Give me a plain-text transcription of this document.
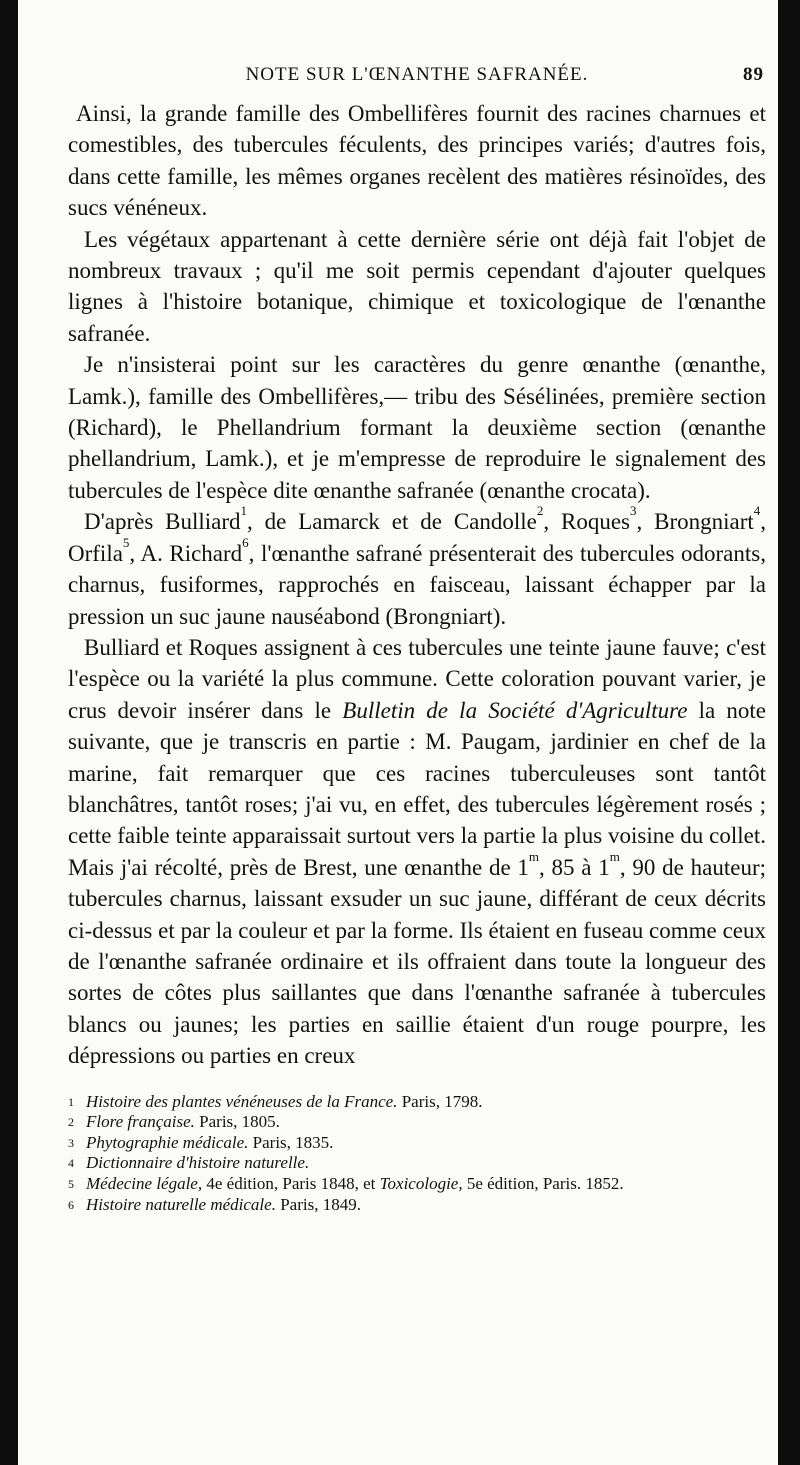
NOTE SUR L'ŒNANTHE SAFRANÉE.	89

Ainsi, la grande famille des Ombellifères fournit des racines charnues et comestibles, des tubercules féculents, des principes variés; d'autres fois, dans cette famille, les mêmes organes recèlent des matières résinoïdes, des sucs vénéneux.

Les végétaux appartenant à cette dernière série ont déjà fait l'objet de nombreux travaux ; qu'il me soit permis cependant d'ajouter quelques lignes à l'histoire botanique, chimique et toxicologique de l'œnanthe safranée.

Je n'insisterai point sur les caractères du genre œnanthe (œnanthe, Lamk.), famille des Ombellifères,— tribu des Sésélinées, première section (Richard), le Phellandrium formant la deuxième section (œnanthe phellandrium, Lamk.), et je m'empresse de reproduire le signalement des tubercules de l'espèce dite œnanthe safranée (œnanthe crocata).

D'après Bulliard$^1$, de Lamarck et de Candolle$^2$, Roques$^3$, Brongniart$^4$, Orfila$^5$, A. Richard$^6$, l'œnanthe safrané présenterait des tubercules odorants, charnus, fusiformes, rapprochés en faisceau, laissant échapper par la pression un suc jaune nauséabond (Brongniart).

Bulliard et Roques assignent à ces tubercules une teinte jaune fauve; c'est l'espèce ou la variété la plus commune. Cette coloration pouvant varier, je crus devoir insérer dans le Bulletin de la Société d'Agriculture la note suivante, que je transcris en partie : M. Paugam, jardinier en chef de la marine, fait remarquer que ces racines tuberculeuses sont tantôt blanchâtres, tantôt roses; j'ai vu, en effet, des tubercules légèrement rosés ; cette faible teinte apparaissait surtout vers la partie la plus voisine du collet. Mais j'ai récolté, près de Brest, une œnanthe de 1$^m$, 85 à 1$^m$, 90 de hauteur; tubercules charnus, laissant exsuder un suc jaune, différant de ceux décrits ci-dessus et par la couleur et par la forme. Ils étaient en fuseau comme ceux de l'œnanthe safranée ordinaire et ils offraient dans toute la longueur des sortes de côtes plus saillantes que dans l'œnanthe safranée à tubercules blancs ou jaunes; les parties en saillie étaient d'un rouge pourpre, les dépressions ou parties en creux

1 Histoire des plantes vénéneuses de la France. Paris, 1798.
2 Flore française. Paris, 1805.
3 Phytographie médicale. Paris, 1835.
4 Dictionnaire d'histoire naturelle.
5 Médecine légale, 4e édition, Paris 1848, et Toxicologie, 5e édition, Paris. 1852.
6 Histoire naturelle médicale. Paris, 1849.
